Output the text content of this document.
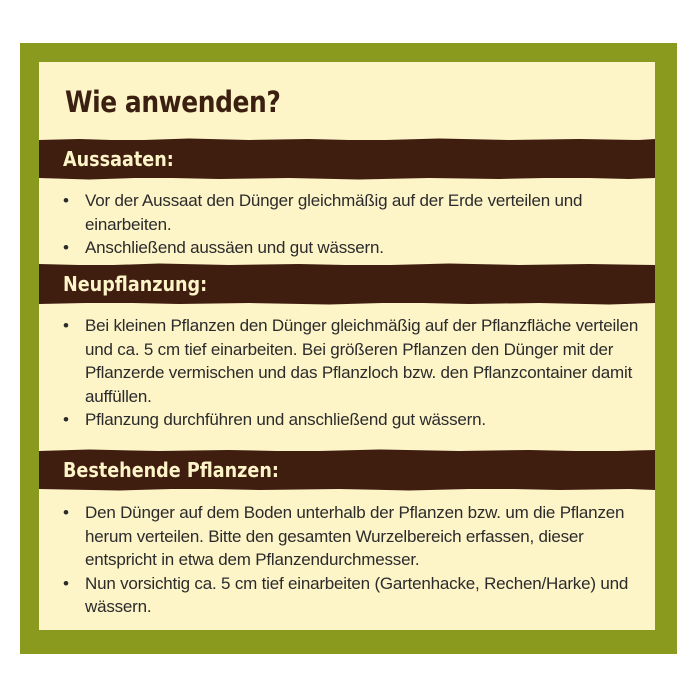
Wie anwenden?
Aussaaten:
• Vor der Aussaat den Dünger gleichmäßig auf der Erde verteilen und einarbeiten.
• Anschließend aussäen und gut wässern.
Neupflanzung:
• Bei kleinen Pflanzen den Dünger gleichmäßig auf der Pflanzfläche verteilen und ca. 5 cm tief einarbeiten. Bei größeren Pflanzen den Dünger mit der Pflanzerde vermischen und das Pflanzloch bzw. den Pflanzcontainer damit auffüllen.
• Pflanzung durchführen und anschließend gut wässern.
Bestehende Pflanzen:
• Den Dünger auf dem Boden unterhalb der Pflanzen bzw. um die Pflanzen herum verteilen. Bitte den gesamten Wurzelbereich erfassen, dieser entspricht in etwa dem Pflanzendurchmesser.
• Nun vorsichtig ca. 5 cm tief einarbeiten (Gartenhacke, Rechen/Harke) und wässern.
